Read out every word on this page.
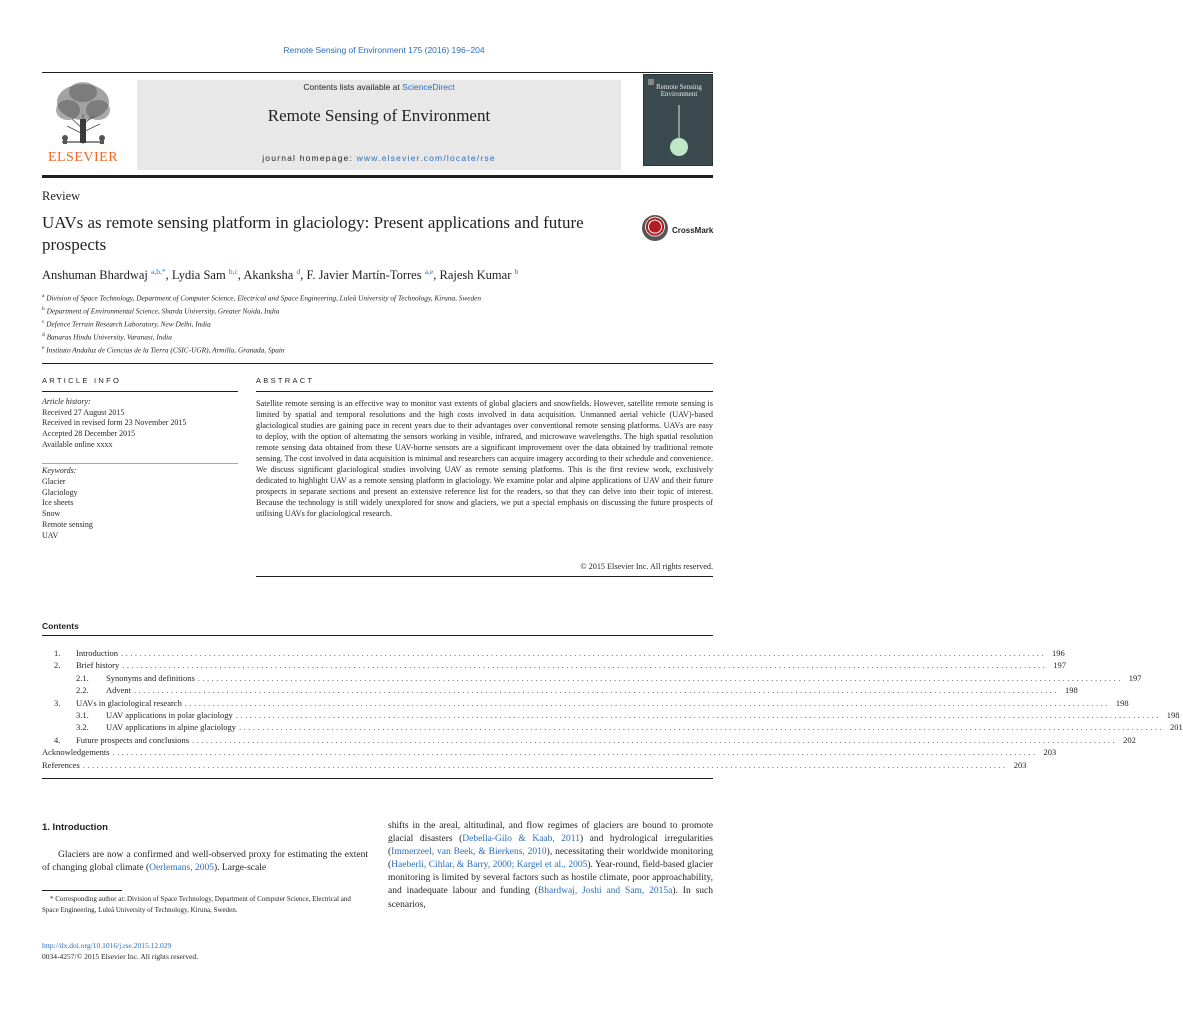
Remote Sensing of Environment 175 (2016) 196–204
ELSEVIER
Contents lists available at ScienceDirect
Remote Sensing of Environment
journal homepage: www.elsevier.com/locate/rse
Remote Sensing Environment
Review
UAVs as remote sensing platform in glaciology: Present applications and future prospects
CrossMark
Anshuman Bhardwaj $^{a,b,*}$, Lydia Sam $^{b,c}$, Akanksha $^d$, F. Javier Martín-Torres $^{a,e}$, Rajesh Kumar $^b$
$^a$ Division of Space Technology, Department of Computer Science, Electrical and Space Engineering, Luleå University of Technology, Kiruna, Sweden
$^b$ Department of Environmental Science, Sharda University, Greater Noida, India
$^c$ Defence Terrain Research Laboratory, New Delhi, India
$^d$ Banaras Hindu University, Varanasi, India
$^e$ Instituto Andaluz de Ciencias de la Tierra (CSIC-UGR), Armilla, Granada, Spain
ARTICLE INFO
Article history:
Received 27 August 2015
Received in revised form 23 November 2015
Accepted 28 December 2015
Available online xxxx
Keywords:
Glacier
Glaciology
Ice sheets
Snow
Remote sensing
UAV
ABSTRACT
Satellite remote sensing is an effective way to monitor vast extents of global glaciers and snowfields. However, satellite remote sensing is limited by spatial and temporal resolutions and the high costs involved in data acquisition. Unmanned aerial vehicle (UAV)-based glaciological studies are gaining pace in recent years due to their advantages over conventional remote sensing platforms. UAVs are easy to deploy, with the option of alternating the sensors working in visible, infrared, and microwave wavelengths. The high spatial resolution remote sensing data obtained from these UAV-borne sensors are a significant improvement over the data obtained by traditional remote sensing. The cost involved in data acquisition is minimal and researchers can acquire imagery according to their schedule and convenience. We discuss significant glaciological studies involving UAV as remote sensing platforms. This is the first review work, exclusively dedicated to highlight UAV as a remote sensing platform in glaciology. We examine polar and alpine applications of UAV and their future prospects in separate sections and present an extensive reference list for the readers, so that they can delve into their topic of interest. Because the technology is still widely unexplored for snow and glaciers, we put a special emphasis on discussing the future prospects of utilising UAVs for glaciological research.
© 2015 Elsevier Inc. All rights reserved.
Contents
1.	Introduction ........................................................................................................................................................................................................ 196
2.	Brief history ........................................................................................................................................................................................................ 197
2.1.	Synonyms and definitions ........................................................................................................................................................................................................ 197
2.2.	Advent ........................................................................................................................................................................................................ 198
3.	UAVs in glaciological research ........................................................................................................................................................................................................ 198
3.1.	UAV applications in polar glaciology ........................................................................................................................................................................................................ 198
3.2.	UAV applications in alpine glaciology ........................................................................................................................................................................................................ 201
4.	Future prospects and conclusions ........................................................................................................................................................................................................ 202
Acknowledgements ........................................................................................................................................................................................................ 203
References ........................................................................................................................................................................................................ 203
1. Introduction
Glaciers are now a confirmed and well-observed proxy for estimating the extent of changing global climate (Oerlemans, 2005). Large-scale
* Corresponding author at: Division of Space Technology, Department of Computer Science, Electrical and Space Engineering, Luleå University of Technology, Kiruna, Sweden.
http://dx.doi.org/10.1016/j.rse.2015.12.029
0034-4257/© 2015 Elsevier Inc. All rights reserved.
shifts in the areal, altitudinal, and flow regimes of glaciers are bound to promote glacial disasters (Debella-Gilo & Kaab, 2011) and hydrological irregularities (Immerzeel, van Beek, & Bierkens, 2010), necessitating their worldwide monitoring (Haeberli, Cihlar, & Barry, 2000; Kargel et al., 2005). Year-round, field-based glacier monitoring is limited by several factors such as hostile climate, poor approachability, and inadequate labour and funding (Bhardwaj, Joshi and Sam, 2015a). In such scenarios,
